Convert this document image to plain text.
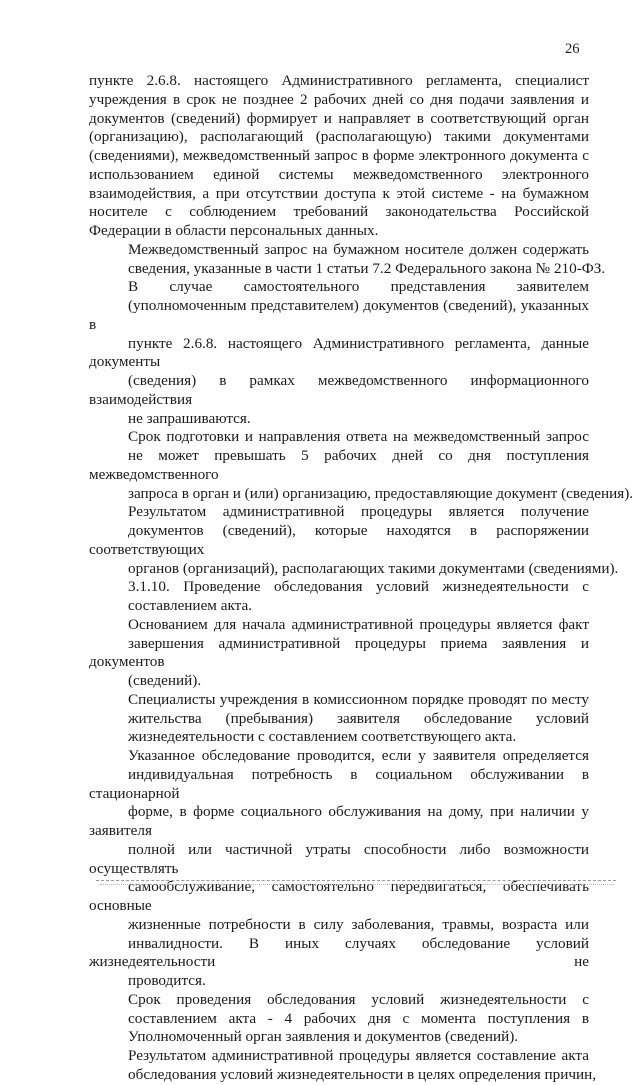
26
пункте 2.6.8. настоящего Административного регламента, специалист
учреждения в срок не позднее 2 рабочих дней со дня подачи заявления и
документов (сведений) формирует и направляет в соответствующий орган
(организацию), располагающий (располагающую) такими документами
(сведениями), межведомственный запрос в форме электронного документа с
использованием единой системы межведомственного электронного
взаимодействия, а при отсутствии доступа к этой системе - на бумажном
носителе с соблюдением требований законодательства Российской
Федерации в области персональных данных.
Межведомственный запрос на бумажном носителе должен содержать
сведения, указанные в части 1 статьи 7.2 Федерального закона № 210-ФЗ.
В случае самостоятельного представления заявителем
(уполномоченным представителем) документов (сведений), указанных в
пункте 2.6.8. настоящего Административного регламента, данные документы
(сведения) в рамках межведомственного информационного взаимодействия
не запрашиваются.
Срок подготовки и направления ответа на межведомственный запрос
не может превышать 5 рабочих дней со дня поступления межведомственного
запроса в орган и (или) организацию, предоставляющие документ (сведения).
Результатом административной процедуры является получение
документов (сведений), которые находятся в распоряжении соответствующих
органов (организаций), располагающих такими документами (сведениями).
3.1.10. Проведение обследования условий жизнедеятельности с
составлением акта.
Основанием для начала административной процедуры является факт
завершения административной процедуры приема заявления и документов
(сведений).
Специалисты учреждения в комиссионном порядке проводят по месту
жительства (пребывания) заявителя обследование условий
жизнедеятельности с составлением соответствующего акта.
Указанное обследование проводится, если у заявителя определяется
индивидуальная потребность в социальном обслуживании в стационарной
форме, в форме социального обслуживания на дому, при наличии у заявителя
полной или частичной утраты способности либо возможности осуществлять
самообслуживание, самостоятельно передвигаться, обеспечивать основные
жизненные потребности в силу заболевания, травмы, возраста или
инвалидности. В иных случаях обследование условий жизнедеятельности не
проводится.
Срок проведения обследования условий жизнедеятельности с
составлением акта - 4 рабочих дня с момента поступления в
Уполномоченный орган заявления и документов (сведений).
Результатом административной процедуры является составление акта
обследования условий жизнедеятельности в целях определения причин,
